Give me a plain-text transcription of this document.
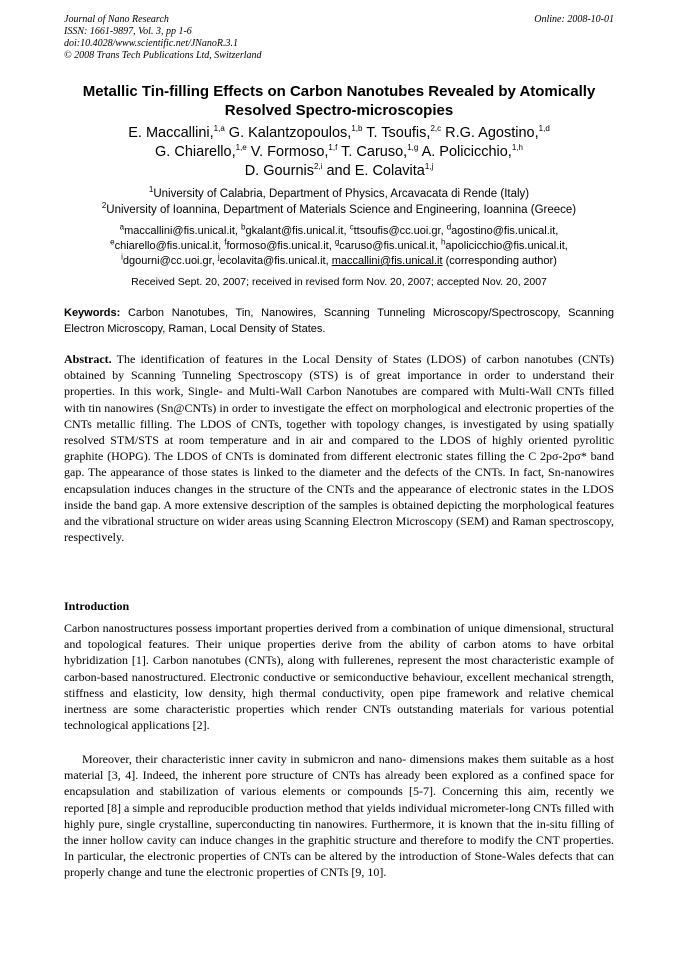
Journal of Nano Research
ISSN: 1661-9897, Vol. 3, pp 1-6
doi:10.4028/www.scientific.net/JNanoR.3.1
© 2008 Trans Tech Publications Ltd, Switzerland
Online: 2008-10-01
Metallic Tin-filling Effects on Carbon Nanotubes Revealed by Atomically
Resolved Spectro-microscopies
E. Maccallini,$^{1,a}$ G. Kalantzopoulos,$^{1,b}$ T. Tsoufis,$^{2,c}$ R.G. Agostino,$^{1,d}$
G. Chiarello,$^{1,e}$ V. Formoso,$^{1,f}$ T. Caruso,$^{1,g}$ A. Policicchio,$^{1,h}$
D. Gournis$^{2,i}$ and E. Colavita$^{1,j}$
$^1$University of Calabria, Department of Physics, Arcavacata di Rende (Italy)
$^2$University of Ioannina, Department of Materials Science and Engineering, Ioannina (Greece)
$^a$maccallini@fis.unical.it, $^b$gkalant@fis.unical.it, $^c$ttsoufis@cc.uoi.gr, $^d$agostino@fis.unical.it,
$^e$chiarello@fis.unical.it, $^f$formoso@fis.unical.it, $^g$caruso@fis.unical.it, $^h$apolicicchio@fis.unical.it,
$^i$dgourni@cc.uoi.gr, $^j$ecolavita@fis.unical.it, maccallini@fis.unical.it (corresponding author)
Received Sept. 20, 2007; received in revised form Nov. 20, 2007; accepted Nov. 20, 2007
Keywords: Carbon Nanotubes, Tin, Nanowires, Scanning Tunneling Microscopy/Spectroscopy, Scanning Electron Microscopy, Raman, Local Density of States.

Abstract. The identification of features in the Local Density of States (LDOS) of carbon nanotubes (CNTs) obtained by Scanning Tunneling Spectroscopy (STS) is of great importance in order to understand their properties. In this work, Single- and Multi-Wall Carbon Nanotubes are compared with Multi-Wall CNTs filled with tin nanowires (Sn@CNTs) in order to investigate the effect on morphological and electronic properties of the CNTs metallic filling. The LDOS of CNTs, together with topology changes, is investigated by using spatially resolved STM/STS at room temperature and in air and compared to the LDOS of highly oriented pyrolitic graphite (HOPG). The LDOS of CNTs is dominated from different electronic states filling the C 2pσ-2pσ* band gap. The appearance of those states is linked to the diameter and the defects of the CNTs. In fact, Sn-nanowires encapsulation induces changes in the structure of the CNTs and the appearance of electronic states in the LDOS inside the band gap. A more extensive description of the samples is obtained depicting the morphological features and the vibrational structure on wider areas using Scanning Electron Microscopy (SEM) and Raman spectroscopy, respectively.

Introduction

Carbon nanostructures possess important properties derived from a combination of unique dimensional, structural and topological features. Their unique properties derive from the ability of carbon atoms to have orbital hybridization [1]. Carbon nanotubes (CNTs), along with fullerenes, represent the most characteristic example of carbon-based nanostructured. Electronic conductive or semiconductive behaviour, excellent mechanical strength, stiffness and elasticity, low density, high thermal conductivity, open pipe framework and relative chemical inertness are some characteristic properties which render CNTs outstanding materials for various potential technological applications [2].

Moreover, their characteristic inner cavity in submicron and nano- dimensions makes them suitable as a host material [3, 4]. Indeed, the inherent pore structure of CNTs has already been explored as a confined space for encapsulation and stabilization of various elements or compounds [5-7]. Concerning this aim, recently we reported [8] a simple and reproducible production method that yields individual micrometer-long CNTs filled with highly pure, single crystalline, superconducting tin nanowires. Furthermore, it is known that the in-situ filling of the inner hollow cavity can induce changes in the graphitic structure and therefore to modify the CNT properties. In particular, the electronic properties of CNTs can be altered by the introduction of Stone-Wales defects that can properly change and tune the electronic properties of CNTs [9, 10].
